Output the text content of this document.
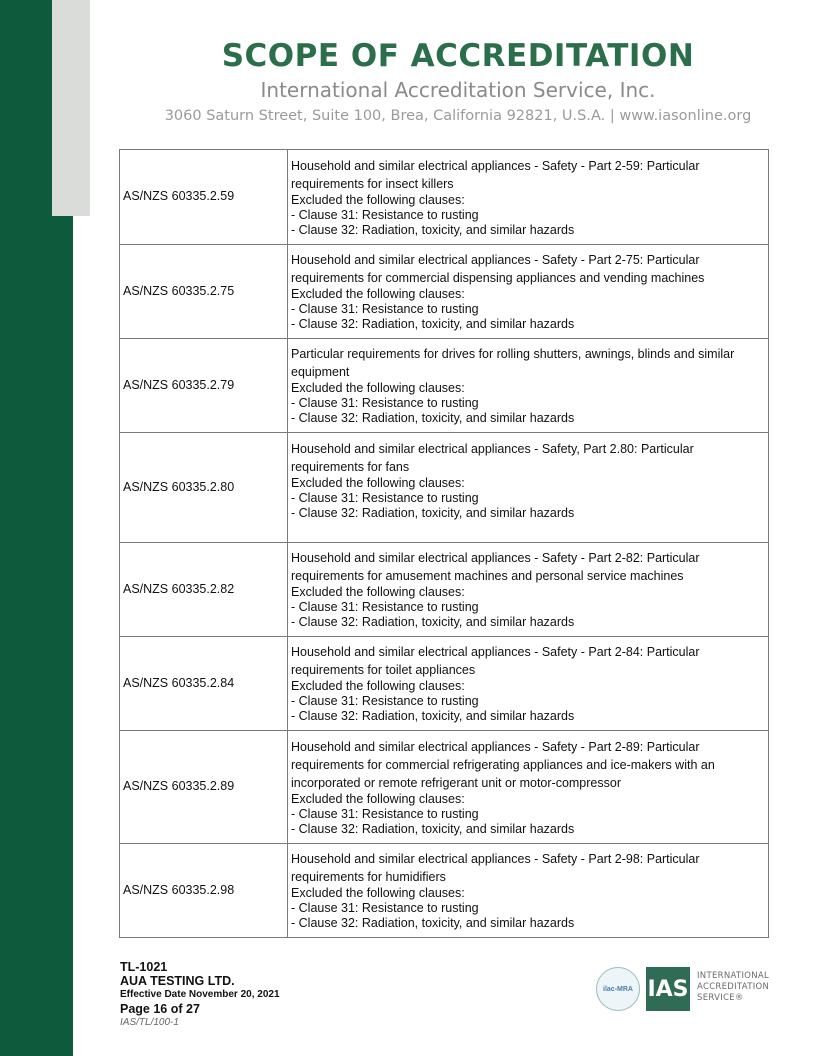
SCOPE OF ACCREDITATION
International Accreditation Service, Inc.
3060 Saturn Street, Suite 100, Brea, California 92821, U.S.A. | www.iasonline.org
AS/NZS 60335.2.59	Household and similar electrical appliances - Safety - Part 2-59: Particular requirements for insect killers
Excluded the following clauses:
- Clause 31: Resistance to rusting
- Clause 32: Radiation, toxicity, and similar hazards

AS/NZS 60335.2.75	Household and similar electrical appliances - Safety - Part 2-75: Particular requirements for commercial dispensing appliances and vending machines
Excluded the following clauses:
- Clause 31: Resistance to rusting
- Clause 32: Radiation, toxicity, and similar hazards

AS/NZS 60335.2.79	Particular requirements for drives for rolling shutters, awnings, blinds and similar equipment
Excluded the following clauses:
- Clause 31: Resistance to rusting
- Clause 32: Radiation, toxicity, and similar hazards

AS/NZS 60335.2.80	Household and similar electrical appliances - Safety, Part 2.80: Particular requirements for fans
Excluded the following clauses:
- Clause 31: Resistance to rusting
- Clause 32: Radiation, toxicity, and similar hazards

AS/NZS 60335.2.82	Household and similar electrical appliances - Safety - Part 2-82: Particular requirements for amusement machines and personal service machines
Excluded the following clauses:
- Clause 31: Resistance to rusting
- Clause 32: Radiation, toxicity, and similar hazards

AS/NZS 60335.2.84	Household and similar electrical appliances - Safety - Part 2-84: Particular requirements for toilet appliances
Excluded the following clauses:
- Clause 31: Resistance to rusting
- Clause 32: Radiation, toxicity, and similar hazards

AS/NZS 60335.2.89	Household and similar electrical appliances - Safety - Part 2-89: Particular requirements for commercial refrigerating appliances and ice-makers with an incorporated or remote refrigerant unit or motor-compressor
Excluded the following clauses:
- Clause 31: Resistance to rusting
- Clause 32: Radiation, toxicity, and similar hazards

AS/NZS 60335.2.98	Household and similar electrical appliances - Safety - Part 2-98: Particular requirements for humidifiers
Excluded the following clauses:
- Clause 31: Resistance to rusting
- Clause 32: Radiation, toxicity, and similar hazards
TL-1021
AUA TESTING LTD.
Effective Date November 20, 2021
Page 16 of 27
IAS/TL/100-1
ilac-MRA IAS
INTERNATIONAL
ACCREDITATION
SERVICE®
